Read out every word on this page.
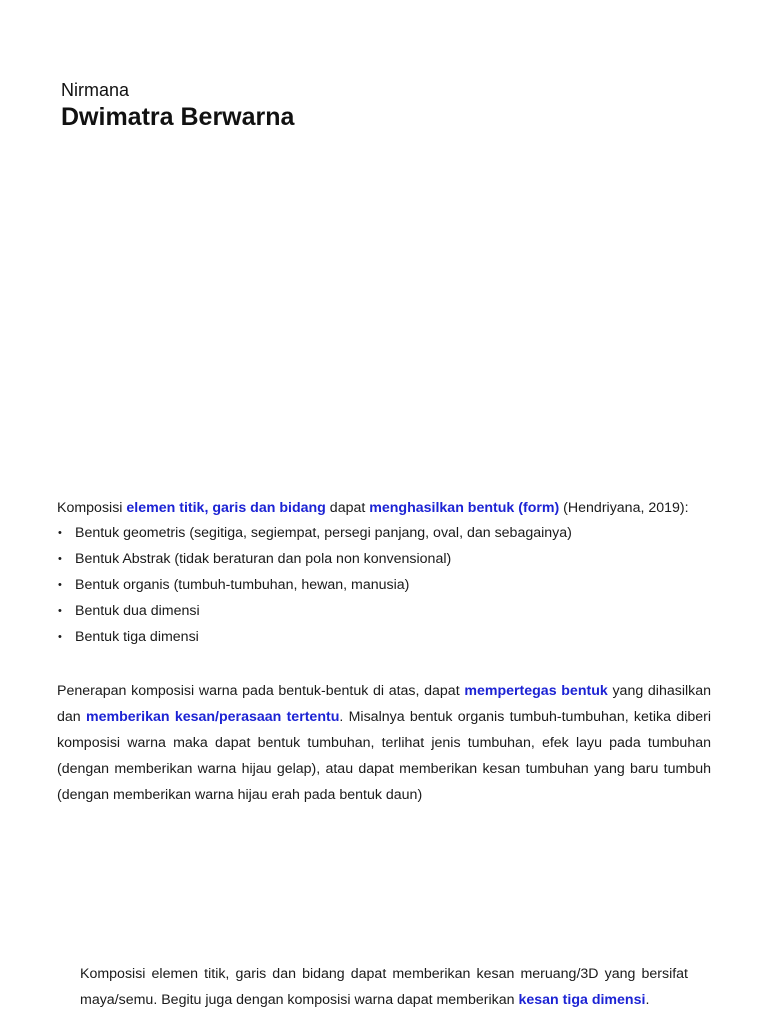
Nirmana

Dwimatra Berwarna

Komposisi elemen titik, garis dan bidang dapat menghasilkan bentuk (form) (Hendriyana, 2019):

• Bentuk geometris (segitiga, segiempat, persegi panjang, oval, dan sebagainya)
• Bentuk Abstrak (tidak beraturan dan pola non konvensional)
• Bentuk organis (tumbuh-tumbuhan, hewan, manusia)
• Bentuk dua dimensi
• Bentuk tiga dimensi

Penerapan komposisi warna pada bentuk-bentuk di atas, dapat mempertegas bentuk yang dihasilkan dan memberikan kesan/perasaan tertentu. Misalnya bentuk organis tumbuh-tumbuhan, ketika diberi komposisi warna maka dapat bentuk tumbuhan, terlihat jenis tumbuhan, efek layu pada tumbuhan (dengan memberikan warna hijau gelap), atau dapat memberikan kesan tumbuhan yang baru tumbuh (dengan memberikan warna hijau erah pada bentuk daun)

Komposisi elemen titik, garis dan bidang dapat memberikan kesan meruang/3D yang bersifat maya/semu. Begitu juga dengan komposisi warna dapat memberikan kesan tiga dimensi.
